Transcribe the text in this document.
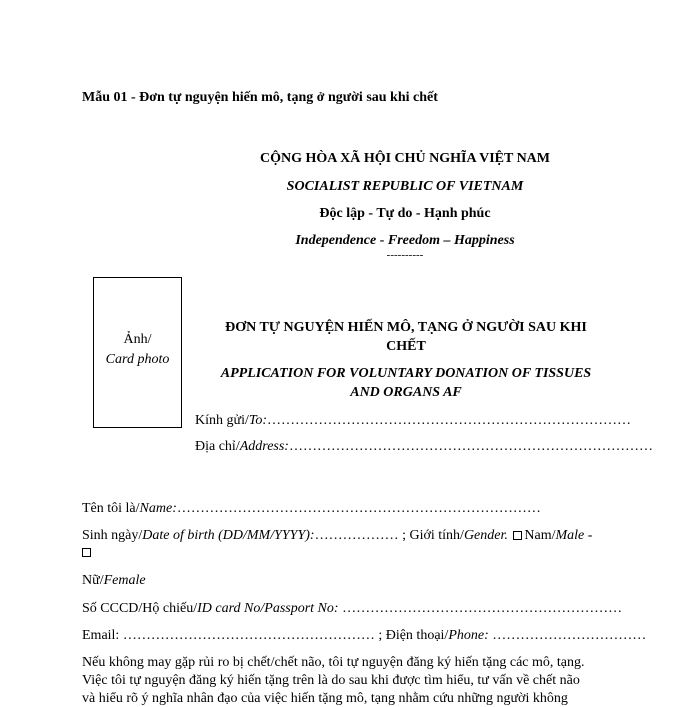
Mẫu 01 - Đơn tự nguyện hiến mô, tạng ở người sau khi chết
CỘNG HÒA XÃ HỘI CHỦ NGHĨA VIỆT NAM
SOCIALIST REPUBLIC OF VIETNAM
Độc lập - Tự do - Hạnh phúc
Independence - Freedom – Happiness
----------
Ảnh/
Card photo
ĐƠN TỰ NGUYỆN HIẾN MÔ, TẠNG Ở NGƯỜI SAU KHI
CHẾT
APPLICATION FOR VOLUNTARY DONATION OF TISSUES
AND ORGANS AF
Kính gửi/To:……………………………………………………………………
Địa chỉ/Address:……………………………………………………………………
Tên tôi là/Name:……………………………………………………………………
Sinh ngày/Date of birth (DD/MM/YYYY):……………… ; Giới tính/Gender. Nam/Male -
Nữ/Female
Số CCCD/Hộ chiếu/ID card No/Passport No: ……………………………………………………
Email: ……………………………………………… ; Điện thoại/Phone: ……………………………
Nếu không may gặp rủi ro bị chết/chết não, tôi tự nguyện đăng ký hiến tặng các mô, tạng.
Việc tôi tự nguyện đăng ký hiến tặng trên là do sau khi được tìm hiểu, tư vấn về chết não
và hiểu rõ ý nghĩa nhân đạo của việc hiến tặng mô, tạng nhằm cứu những người không
